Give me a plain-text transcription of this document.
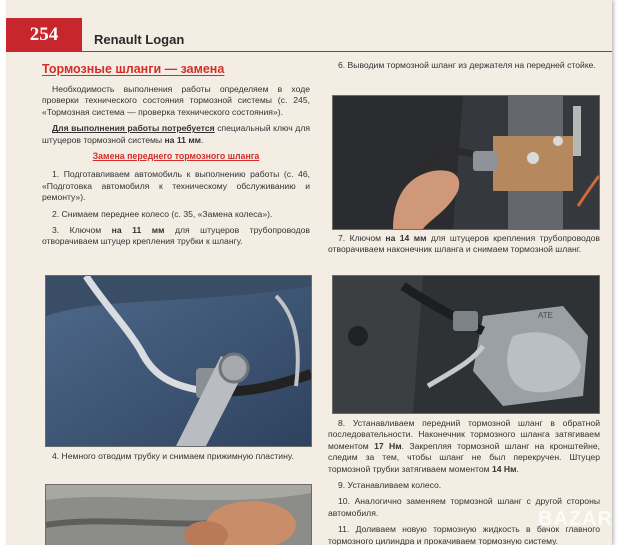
254	Renault Logan
Тормозные шланги — замена

Необходимость выполнения работы определяем в ходе проверки технического состояния тормозной системы (с. 245, «Тормозная система — проверка технического состояния»).

Для выполнения работы потребуется специальный ключ для штуцеров тормозной системы на 11 мм.

Замена переднего тормозного шланга

1. Подготавливаем автомобиль к выполнению работы (с. 46, «Подготовка автомобиля к техническому обслуживанию и ремонту»).

2. Снимаем переднее колесо (с. 35, «Замена колеса»).

3. Ключом на 11 мм для штуцеров трубопроводов отворачиваем штуцер крепления трубки к шлангу.

4. Немного отводим трубку и снимаем прижимную пластину.

6. Выводим тормозной шланг из держателя на передней стойке.

7. Ключом на 14 мм для штуцеров крепления трубопроводов отворачиваем наконечник шланга и снимаем тормозной шланг.

ATE

8. Устанавливаем передний тормозной шланг в обратной последовательности. Наконечник тормозного шланга затягиваем моментом 17 Нм. Закрепляя тормозной шланг на кронштейне, следим за тем, чтобы шланг не был перекручен. Штуцер тормозной трубки затягиваем моментом 14 Нм.

9. Устанавливаем колесо.

10. Аналогично заменяем тормозной шланг с другой стороны автомобиля.

11. Доливаем новую тормозную жидкость в бачок главного тормозного цилиндра и прокачиваем тормозную систему.

BAZAR
